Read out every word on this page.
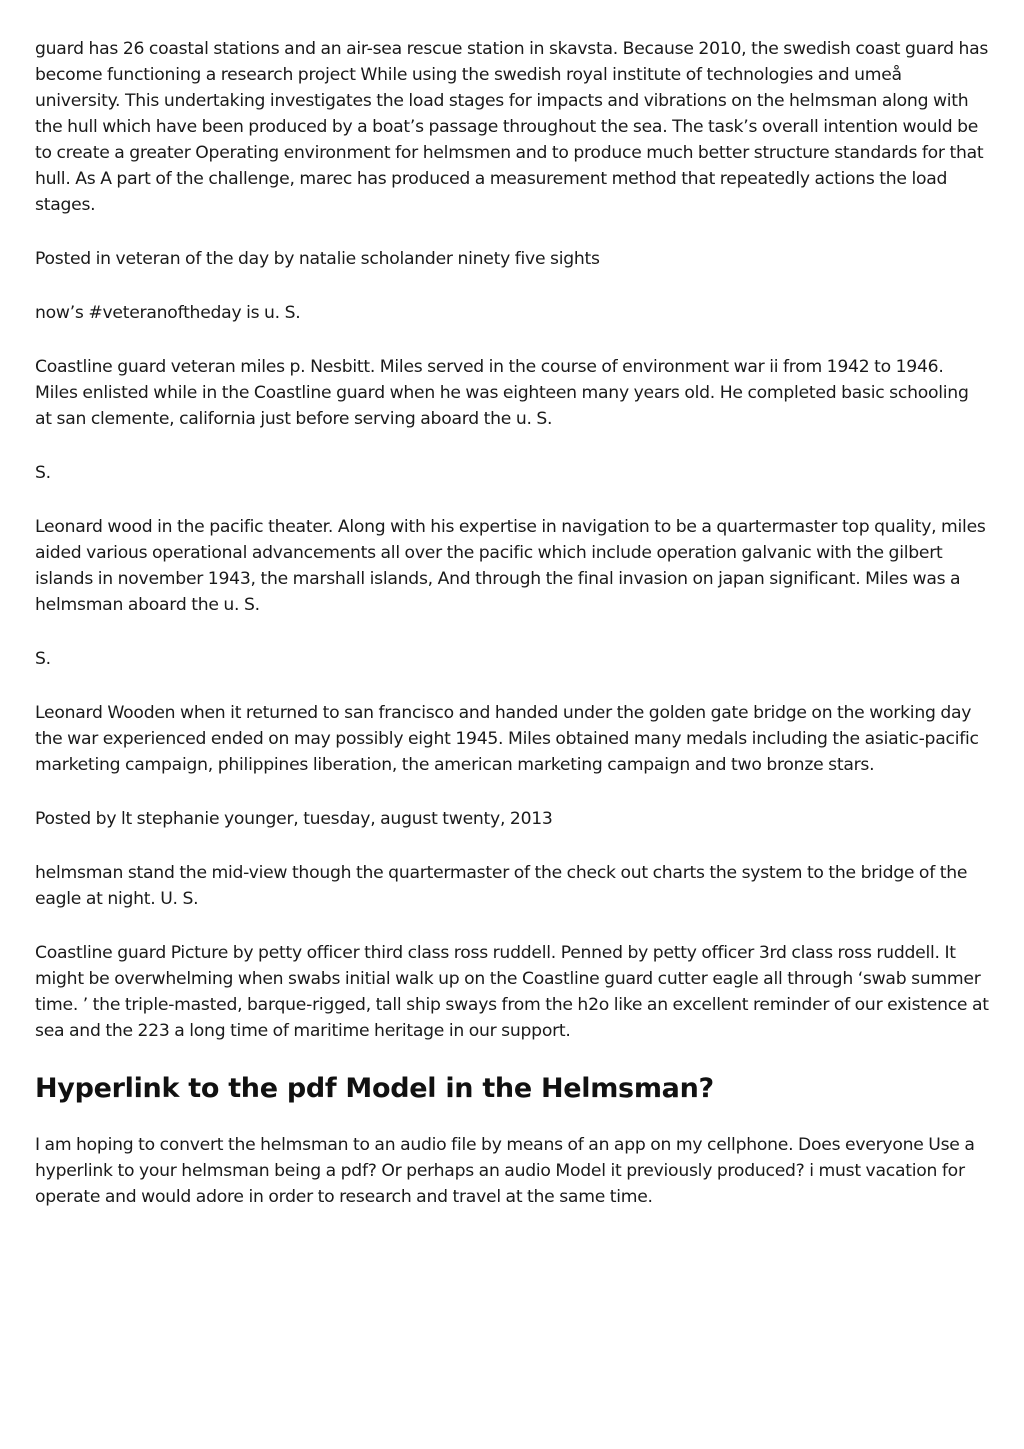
guard has 26 coastal stations and an air-sea rescue station in skavsta. Because 2010, the swedish coast guard has become functioning a research project While using the swedish royal institute of technologies and umeå university. This undertaking investigates the load stages for impacts and vibrations on the helmsman along with the hull which have been produced by a boat’s passage throughout the sea. The task’s overall intention would be to create a greater Operating environment for helmsmen and to produce much better structure standards for that hull. As A part of the challenge, marec has produced a measurement method that repeatedly actions the load stages.

Posted in veteran of the day by natalie scholander ninety five sights

now’s #veteranoftheday is u. S.

Coastline guard veteran miles p. Nesbitt. Miles served in the course of environment war ii from 1942 to 1946. Miles enlisted while in the Coastline guard when he was eighteen many years old. He completed basic schooling at san clemente, california just before serving aboard the u. S.

S.

Leonard wood in the pacific theater. Along with his expertise in navigation to be a quartermaster top quality, miles aided various operational advancements all over the pacific which include operation galvanic with the gilbert islands in november 1943, the marshall islands, And through the final invasion on japan significant. Miles was a helmsman aboard the u. S.

S.

Leonard Wooden when it returned to san francisco and handed under the golden gate bridge on the working day the war experienced ended on may possibly eight 1945. Miles obtained many medals including the asiatic-pacific marketing campaign, philippines liberation, the american marketing campaign and two bronze stars.

Posted by lt stephanie younger, tuesday, august twenty, 2013

helmsman stand the mid-view though the quartermaster of the check out charts the system to the bridge of the eagle at night. U. S.

Coastline guard Picture by petty officer third class ross ruddell. Penned by petty officer 3rd class ross ruddell. It might be overwhelming when swabs initial walk up on the Coastline guard cutter eagle all through ‘swab summer time. ’ the triple-masted, barque-rigged, tall ship sways from the h2o like an excellent reminder of our existence at sea and the 223 a long time of maritime heritage in our support.

Hyperlink to the pdf Model in the Helmsman?

I am hoping to convert the helmsman to an audio file by means of an app on my cellphone. Does everyone Use a hyperlink to your helmsman being a pdf? Or perhaps an audio Model it previously produced? i must vacation for operate and would adore in order to research and travel at the same time.
